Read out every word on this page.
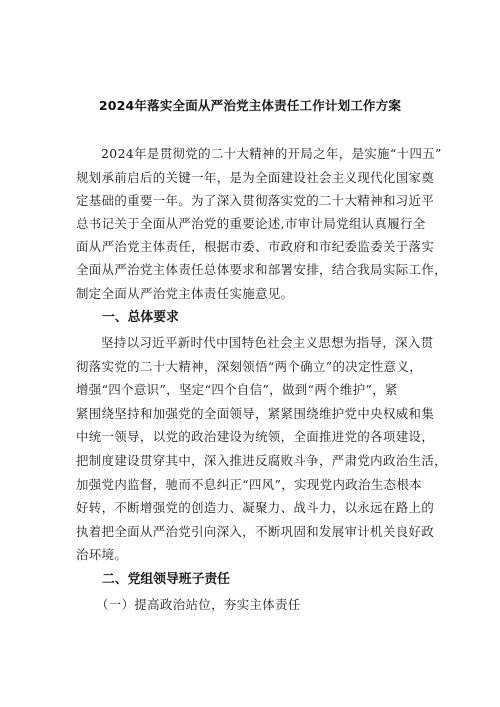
2024年落实全面从严治党主体责任工作计划工作方案
2024年是贯彻党的二十大精神的开局之年，是实施“十四五”
规划承前启后的关键一年，是为全面建设社会主义现代化国家奠
定基础的重要一年。为了深入贯彻落实党的二十大精神和习近平
总书记关于全面从严治党的重要论述,市审计局党组认真履行全
面从严治党主体责任，根据市委、市政府和市纪委监委关于落实
全面从严治党主体责任总体要求和部署安排，结合我局实际工作，
制定全面从严治党主体责任实施意见。
一、总体要求
坚持以习近平新时代中国特色社会主义思想为指导，深入贯
彻落实党的二十大精神，深刻领悟“两个确立”的决定性意义，
增强“四个意识”，坚定“四个自信”，做到“两个维护”，紧
紧围绕坚持和加强党的全面领导，紧紧围绕维护党中央权威和集
中统一领导，以党的政治建设为统领，全面推进党的各项建设，
把制度建设贯穿其中，深入推进反腐败斗争，严肃党内政治生活，
加强党内监督，驰而不息纠正“四风”，实现党内政治生态根本
好转，不断增强党的创造力、凝聚力、战斗力，以永远在路上的
执着把全面从严治党引向深入，不断巩固和发展审计机关良好政
治环境。
二、党组领导班子责任
（一）提高政治站位，夯实主体责任
